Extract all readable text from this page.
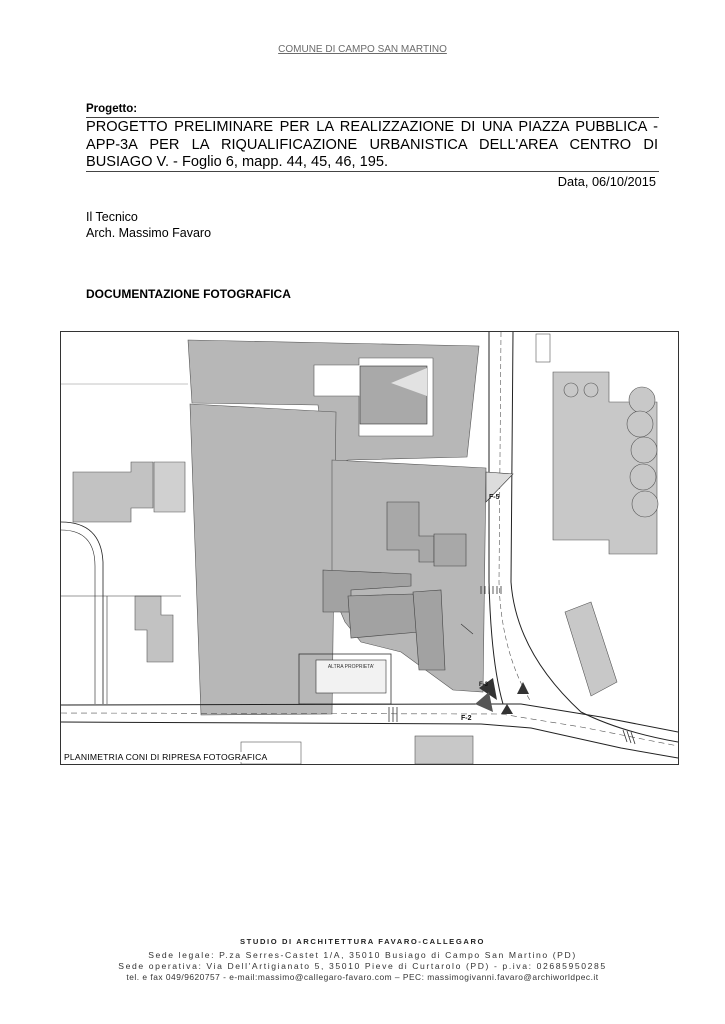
COMUNE DI CAMPO SAN MARTINO
Progetto:
PROGETTO PRELIMINARE PER LA REALIZZAZIONE DI UNA PIAZZA PUBBLICA - APP-3A PER LA RIQUALIFICAZIONE URBANISTICA DELL'AREA CENTRO DI BUSIAGO V. - Foglio 6, mapp. 44, 45, 46, 195.
Data, 06/10/2015
Il Tecnico
Arch. Massimo Favaro
DOCUMENTAZIONE FOTOGRAFICA
ALTRA PROPRIETA'
F-5
F-3
F-2
PLANIMETRIA CONI DI RIPRESA FOTOGRAFICA
STUDIO DI ARCHITETTURA FAVARO-CALLEGARO
Sede legale: P.za Serres-Castet 1/A, 35010 Busiago di Campo San Martino (PD)
Sede operativa: Via Dell'Artigianato 5, 35010 Pieve di Curtarolo (PD) - p.iva: 02685950285
tel. e fax 049/9620757 - e-mail:massimo@callegaro-favaro.com – PEC: massimogivanni.favaro@archiworldpec.it
